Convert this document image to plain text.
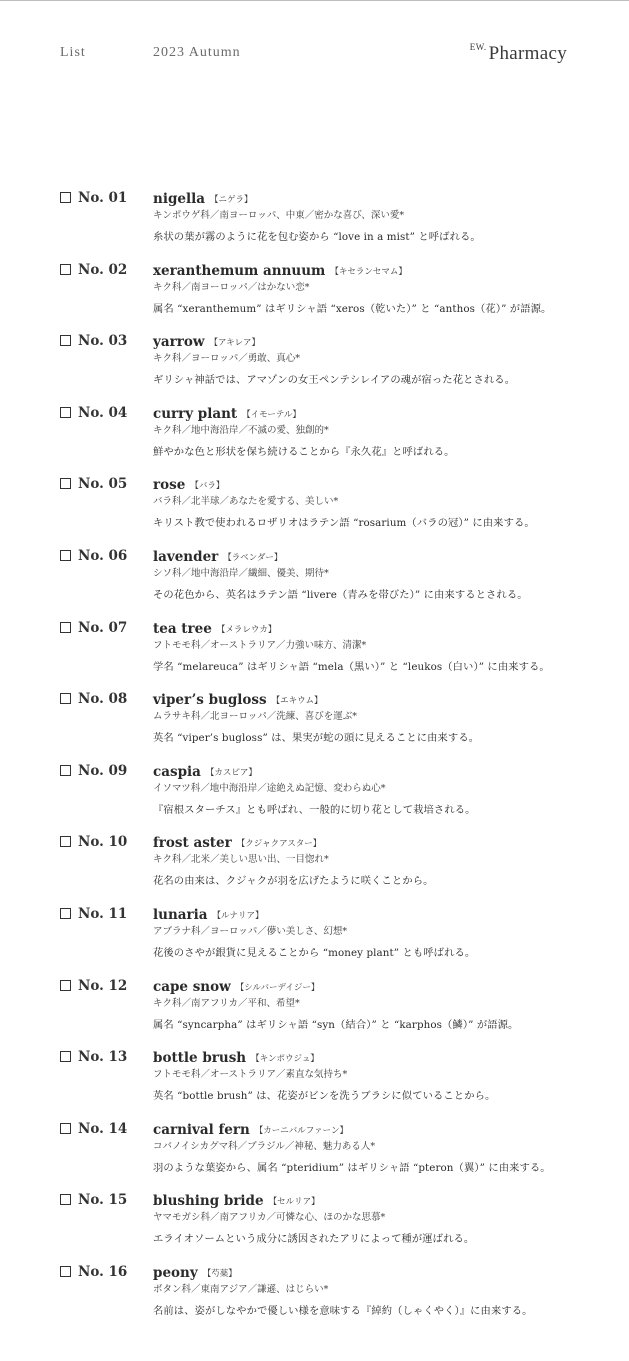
List	2023 Autumn	$^{EW.}$ Pharmacy
No. 01 nigella 【ニゲラ】
キンポウゲ科／南ヨーロッパ、中東／密かな喜び、深い愛*
糸状の葉が霧のように花を包む姿から “love in a mist” と呼ばれる。
No. 02 xeranthemum annuum 【キセランセマム】
キク科／南ヨーロッパ／はかない恋*
属名 “xeranthemum” はギリシャ語 “xeros（乾いた）” と “anthos（花）” が語源。
No. 03 yarrow 【アキレア】
キク科／ヨーロッパ／勇敢、真心*
ギリシャ神話では、アマゾンの女王ペンテシレイアの魂が宿った花とされる。
No. 04 curry plant 【イモーテル】
キク科／地中海沿岸／不滅の愛、独創的*
鮮やかな色と形状を保ち続けることから『永久花』と呼ばれる。
No. 05 rose 【バラ】
バラ科／北半球／あなたを愛する、美しい*
キリスト教で使われるロザリオはラテン語 “rosarium（バラの冠）” に由来する。
No. 06 lavender 【ラベンダー】
シソ科／地中海沿岸／繊細、優美、期待*
その花色から、英名はラテン語 “livere（青みを帯びた）” に由来するとされる。
No. 07 tea tree 【メラレウカ】
フトモモ科／オーストラリア／力強い味方、清潔*
学名 “melareuca” はギリシャ語 “mela（黒い）” と “leukos（白い）” に由来する。
No. 08 viper’s bugloss 【エキウム】
ムラサキ科／北ヨーロッパ／洗練、喜びを運ぶ*
英名 “viper’s bugloss” は、果実が蛇の頭に見えることに由来する。
No. 09 caspia 【カスピア】
イソマツ科／地中海沿岸／途絶えぬ記憶、変わらぬ心*
『宿根スターチス』とも呼ばれ、一般的に切り花として栽培される。
No. 10 frost aster 【クジャクアスター】
キク科／北米／美しい思い出、一目惚れ*
花名の由来は、クジャクが羽を広げたように咲くことから。
No. 11 lunaria 【ルナリア】
アブラナ科／ヨーロッパ／儚い美しさ、幻想*
花後のさやが銀貨に見えることから “money plant” とも呼ばれる。
No. 12 cape snow 【シルバーデイジー】
キク科／南アフリカ／平和、希望*
属名 “syncarpha” はギリシャ語 “syn（結合）” と “karphos（鱗）” が語源。
No. 13 bottle brush 【キンポウジュ】
フトモモ科／オーストラリア／素直な気持ち*
英名 “bottle brush” は、花姿がビンを洗うブラシに似ていることから。
No. 14 carnival fern 【カーニバルファーン】
コバノイシカグマ科／ブラジル／神秘、魅力ある人*
羽のような葉姿から、属名 “pteridium” はギリシャ語 “pteron（翼）” に由来する。
No. 15 blushing bride 【セルリア】
ヤマモガシ科／南アフリカ／可憐な心、ほのかな思慕*
エライオソームという成分に誘因されたアリによって種が運ばれる。
No. 16 peony 【芍薬】
ボタン科／東南アジア／謙遜、はじらい*
名前は、姿がしなやかで優しい様を意味する『綽約（しゃくやく）』に由来する。
